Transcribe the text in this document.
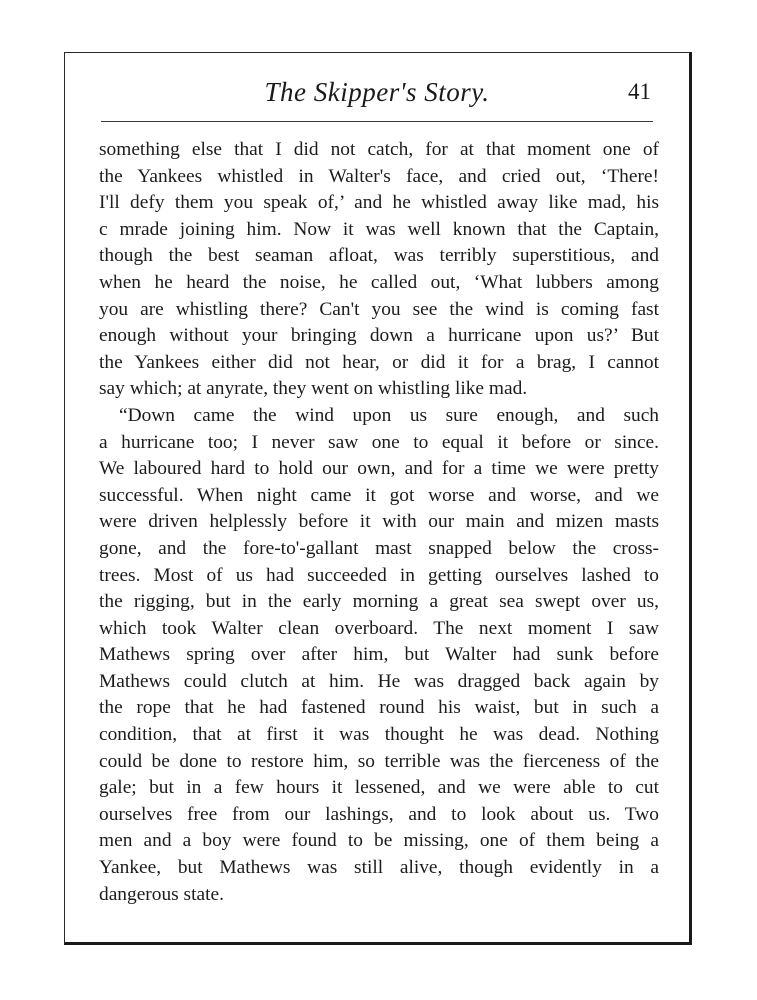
The Skipper's Story.	41
something else that I did not catch, for at that moment one of
the Yankees whistled in Walter's face, and cried out, ‘There!
I'll defy them you speak of,’ and he whistled away like mad, his
c mrade joining him. Now it was well known that the Captain,
though the best seaman afloat, was terribly superstitious, and
when he heard the noise, he called out, ‘What lubbers among
you are whistling there? Can't you see the wind is coming fast
enough without your bringing down a hurricane upon us?’ But
the Yankees either did not hear, or did it for a brag, I cannot
say which; at anyrate, they went on whistling like mad.
“Down came the wind upon us sure enough, and such
a hurricane too; I never saw one to equal it before or since.
We laboured hard to hold our own, and for a time we were pretty
successful. When night came it got worse and worse, and we
were driven helplessly before it with our main and mizen masts
gone, and the fore-to'-gallant mast snapped below the cross-
trees. Most of us had succeeded in getting ourselves lashed to
the rigging, but in the early morning a great sea swept over us,
which took Walter clean overboard. The next moment I saw
Mathews spring over after him, but Walter had sunk before
Mathews could clutch at him. He was dragged back again by
the rope that he had fastened round his waist, but in such a
condition, that at first it was thought he was dead. Nothing
could be done to restore him, so terrible was the fierceness of the
gale; but in a few hours it lessened, and we were able to cut
ourselves free from our lashings, and to look about us. Two
men and a boy were found to be missing, one of them being a
Yankee, but Mathews was still alive, though evidently in a
dangerous state.
